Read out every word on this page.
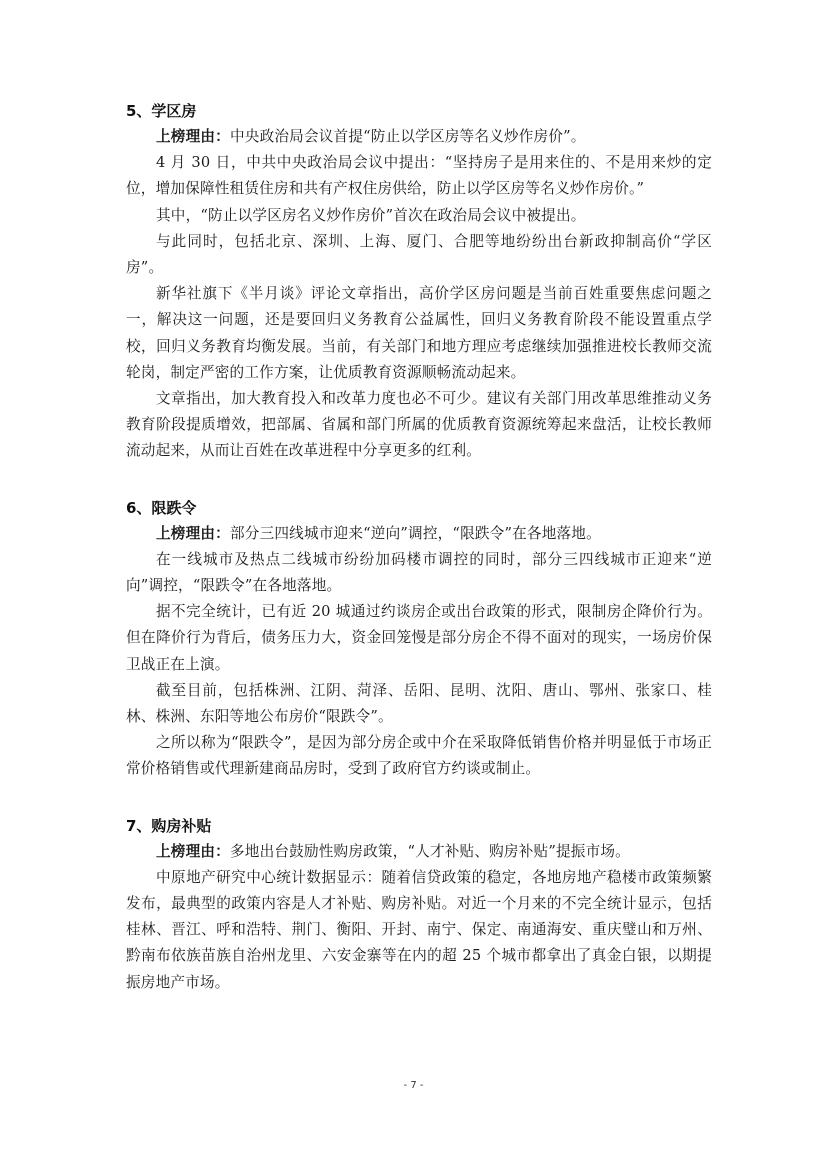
5、学区房

上榜理由：中央政治局会议首提“防止以学区房等名义炒作房价”。

4 月 30 日，中共中央政治局会议中提出：“坚持房子是用来住的、不是用来炒的定位，增加保障性租赁住房和共有产权住房供给，防止以学区房等名义炒作房价。”

其中，“防止以学区房名义炒作房价”首次在政治局会议中被提出。

与此同时，包括北京、深圳、上海、厦门、合肥等地纷纷出台新政抑制高价“学区房”。

新华社旗下《半月谈》评论文章指出，高价学区房问题是当前百姓重要焦虑问题之一，解决这一问题，还是要回归义务教育公益属性，回归义务教育阶段不能设置重点学校，回归义务教育均衡发展。当前，有关部门和地方理应考虑继续加强推进校长教师交流轮岗，制定严密的工作方案，让优质教育资源顺畅流动起来。

文章指出，加大教育投入和改革力度也必不可少。建议有关部门用改革思维推动义务教育阶段提质增效，把部属、省属和部门所属的优质教育资源统筹起来盘活，让校长教师流动起来，从而让百姓在改革进程中分享更多的红利。

6、限跌令

上榜理由：部分三四线城市迎来“逆向”调控，“限跌令”在各地落地。

在一线城市及热点二线城市纷纷加码楼市调控的同时，部分三四线城市正迎来“逆向”调控，“限跌令”在各地落地。

据不完全统计，已有近 20 城通过约谈房企或出台政策的形式，限制房企降价行为。但在降价行为背后，债务压力大，资金回笼慢是部分房企不得不面对的现实，一场房价保卫战正在上演。

截至目前，包括株洲、江阴、菏泽、岳阳、昆明、沈阳、唐山、鄂州、张家口、桂林、株洲、东阳等地公布房价“限跌令”。

之所以称为“限跌令”，是因为部分房企或中介在采取降低销售价格并明显低于市场正常价格销售或代理新建商品房时，受到了政府官方约谈或制止。

7、购房补贴

上榜理由：多地出台鼓励性购房政策，“人才补贴、购房补贴”提振市场。

中原地产研究中心统计数据显示：随着信贷政策的稳定，各地房地产稳楼市政策频繁发布，最典型的政策内容是人才补贴、购房补贴。对近一个月来的不完全统计显示，包括桂林、晋江、呼和浩特、荆门、衡阳、开封、南宁、保定、南通海安、重庆璧山和万州、黔南布依族苗族自治州龙里、六安金寨等在内的超 25 个城市都拿出了真金白银，以期提振房地产市场。

- 7 -
